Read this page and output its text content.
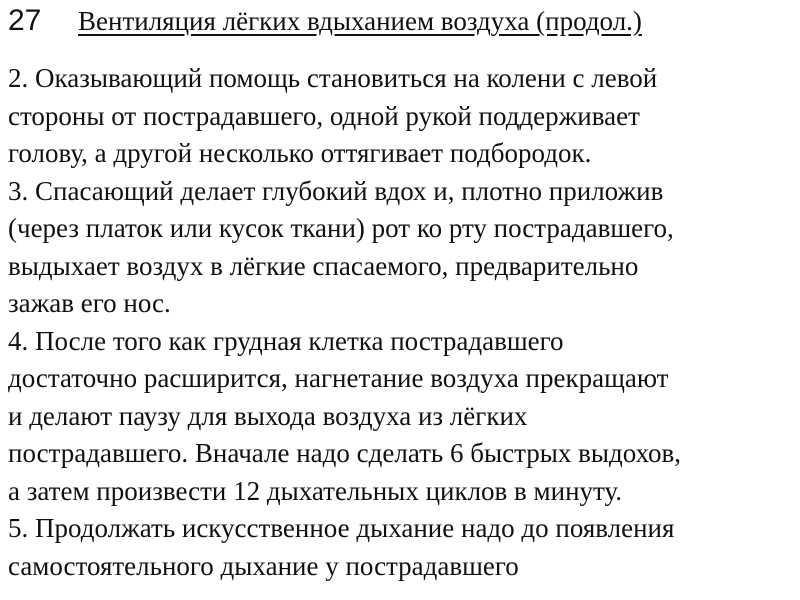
27 Вентиляция лёгких вдыханием воздуха (продол.)

2. Оказывающий помощь становиться на колени с левой
стороны от пострадавшего, одной рукой поддерживает
голову, а другой несколько оттягивает подбородок.

3. Спасающий делает глубокий вдох и, плотно приложив
(через платок или кусок ткани) рот ко рту пострадавшего,
выдыхает воздух в лёгкие спасаемого, предварительно
зажав его нос.

4. После того как грудная клетка пострадавшего
достаточно расширится, нагнетание воздуха прекращают
и делают паузу для выхода воздуха из лёгких
пострадавшего. Вначале надо сделать 6 быстрых выдохов,
а затем произвести 12 дыхательных циклов в минуту.

5. Продолжать искусственное дыхание надо до появления
самостоятельного дыхание у пострадавшего
